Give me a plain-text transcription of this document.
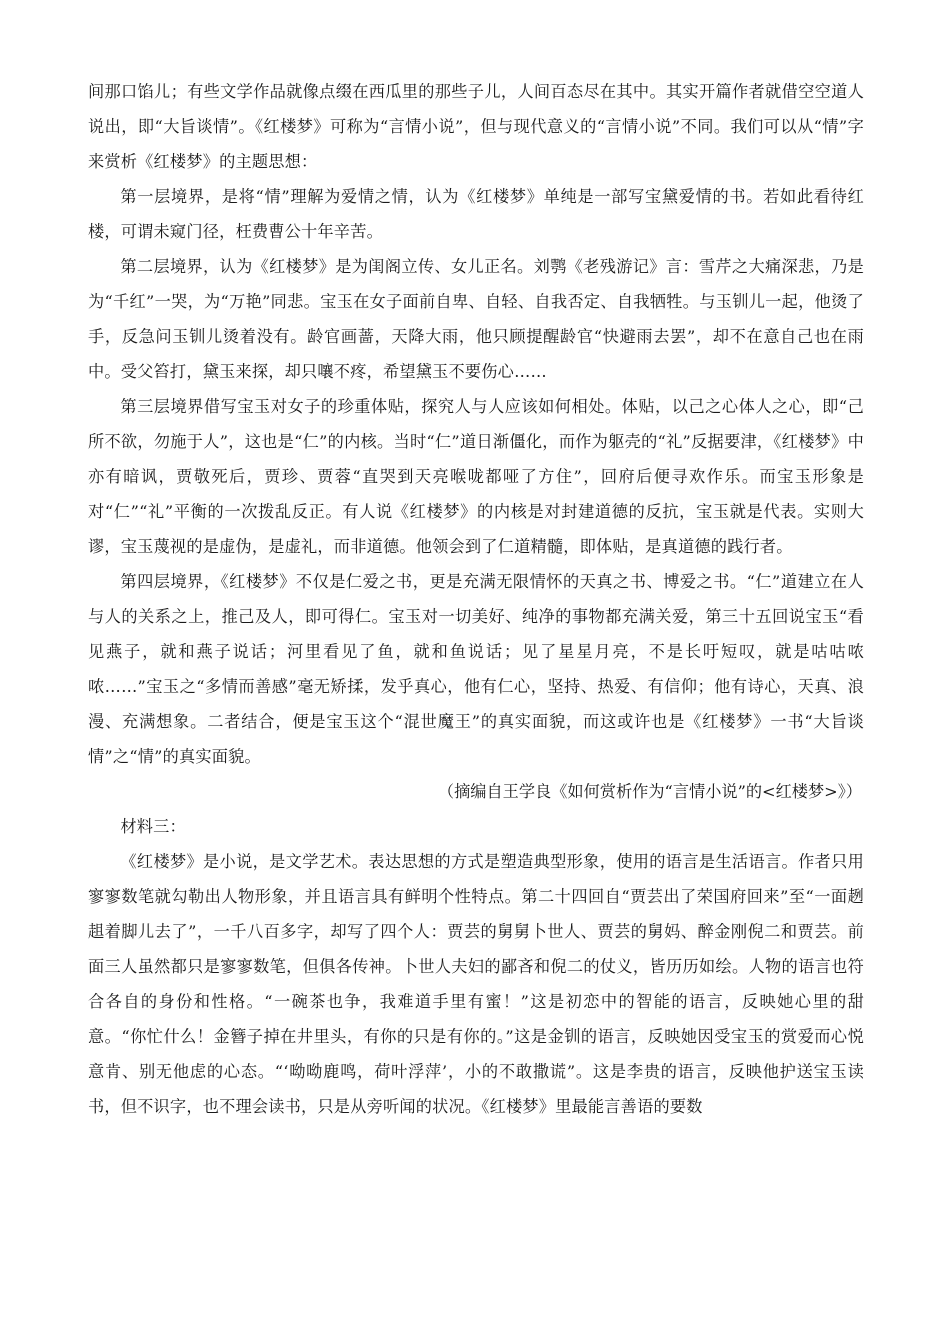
间那口馅儿；有些文学作品就像点缀在西瓜里的那些子儿，人间百态尽在其中。其实开篇作者就借空空道人说出，即“大旨谈情”。《红楼梦》可称为“言情小说”，但与现代意义的“言情小说”不同。我们可以从“情”字来赏析《红楼梦》的主题思想：

第一层境界，是将“情”理解为爱情之情，认为《红楼梦》单纯是一部写宝黛爱情的书。若如此看待红楼，可谓未窥门径，枉费曹公十年辛苦。

第二层境界，认为《红楼梦》是为闺阁立传、女儿正名。刘鹗《老残游记》言：雪芹之大痛深悲，乃是为“千红”一哭，为“万艳”同悲。宝玉在女子面前自卑、自轻、自我否定、自我牺牲。与玉钏儿一起，他烫了手，反急问玉钏儿烫着没有。龄官画蔷，天降大雨，他只顾提醒龄官“快避雨去罢”，却不在意自己也在雨中。受父笞打，黛玉来探，却只嚷不疼，希望黛玉不要伤心……

第三层境界借写宝玉对女子的珍重体贴，探究人与人应该如何相处。体贴，以己之心体人之心，即“己所不欲，勿施于人”，这也是“仁”的内核。当时“仁”道日渐僵化，而作为躯壳的“礼”反据要津，《红楼梦》中亦有暗讽，贾敬死后，贾珍、贾蓉“直哭到天亮喉咙都哑了方住”，回府后便寻欢作乐。而宝玉形象是对“仁”“礼”平衡的一次拨乱反正。有人说《红楼梦》的内核是对封建道德的反抗，宝玉就是代表。实则大谬，宝玉蔑视的是虚伪，是虚礼，而非道德。他领会到了仁道精髓，即体贴，是真道德的践行者。

第四层境界，《红楼梦》不仅是仁爱之书，更是充满无限情怀的天真之书、博爱之书。“仁”道建立在人与人的关系之上，推己及人，即可得仁。宝玉对一切美好、纯净的事物都充满关爱，第三十五回说宝玉“看见燕子，就和燕子说话；河里看见了鱼，就和鱼说话；见了星星月亮，不是长吁短叹，就是咕咕哝哝……”宝玉之“多情而善感”毫无矫揉，发乎真心，他有仁心，坚持、热爱、有信仰；他有诗心，天真、浪漫、充满想象。二者结合，便是宝玉这个“混世魔王”的真实面貌，而这或许也是《红楼梦》一书“大旨谈情”之“情”的真实面貌。

（摘编自王学良《如何赏析作为“言情小说”的<红楼梦>》）

材料三：

《红楼梦》是小说，是文学艺术。表达思想的方式是塑造典型形象，使用的语言是生活语言。作者只用寥寥数笔就勾勒出人物形象，并且语言具有鲜明个性特点。第二十四回自“贾芸出了荣国府回来”至“一面趔趄着脚儿去了”，一千八百多字，却写了四个人：贾芸的舅舅卜世人、贾芸的舅妈、醉金刚倪二和贾芸。前面三人虽然都只是寥寥数笔，但俱各传神。卜世人夫妇的鄙吝和倪二的仗义，皆历历如绘。人物的语言也符合各自的身份和性格。“一碗茶也争，我难道手里有蜜！”这是初恋中的智能的语言，反映她心里的甜意。“你忙什么！金簪子掉在井里头，有你的只是有你的。”这是金钏的语言，反映她因受宝玉的赏爱而心悦意肯、别无他虑的心态。“‘呦呦鹿鸣，荷叶浮萍’，小的不敢撒谎”。这是李贵的语言，反映他护送宝玉读书，但不识字，也不理会读书，只是从旁听闻的状况。《红楼梦》里最能言善语的要数
